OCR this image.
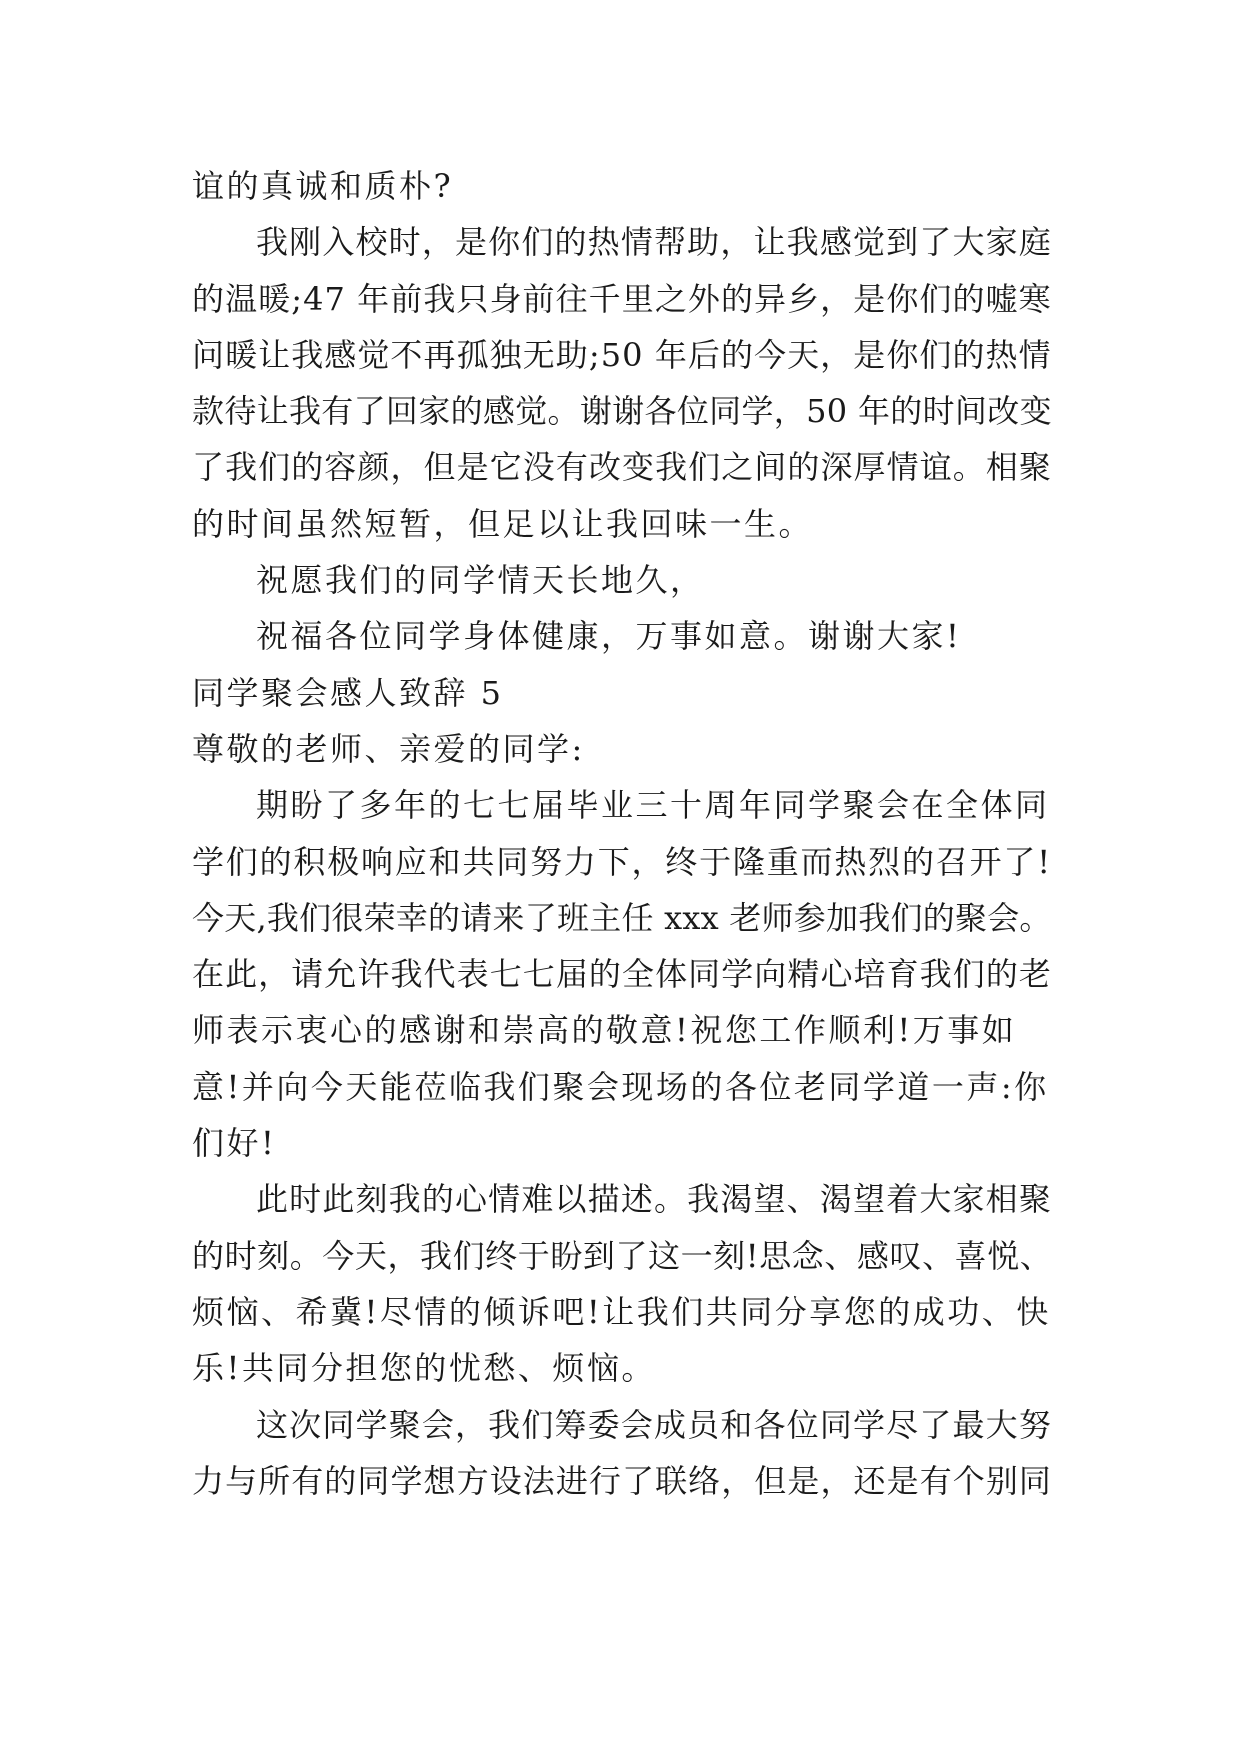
谊的真诚和质朴?
我刚入校时，是你们的热情帮助，让我感觉到了大家庭
的温暖;47 年前我只身前往千里之外的异乡，是你们的嘘寒
问暖让我感觉不再孤独无助;50 年后的今天，是你们的热情
款待让我有了回家的感觉。谢谢各位同学，50 年的时间改变
了我们的容颜，但是它没有改变我们之间的深厚情谊。相聚
的时间虽然短暂，但足以让我回味一生。
祝愿我们的同学情天长地久，
祝福各位同学身体健康，万事如意。谢谢大家!
同学聚会感人致辞 5
尊敬的老师、亲爱的同学:
期盼了多年的七七届毕业三十周年同学聚会在全体同
学们的积极响应和共同努力下，终于隆重而热烈的召开了!
今天,我们很荣幸的请来了班主任 xxx 老师参加我们的聚会。
在此，请允许我代表七七届的全体同学向精心培育我们的老
师表示衷心的感谢和崇高的敬意!祝您工作顺利!万事如
意!并向今天能莅临我们聚会现场的各位老同学道一声:你
们好!
此时此刻我的心情难以描述。我渴望、渴望着大家相聚
的时刻。今天，我们终于盼到了这一刻!思念、感叹、喜悦、
烦恼、希冀!尽情的倾诉吧!让我们共同分享您的成功、快
乐!共同分担您的忧愁、烦恼。
这次同学聚会，我们筹委会成员和各位同学尽了最大努
力与所有的同学想方设法进行了联络，但是，还是有个别同
